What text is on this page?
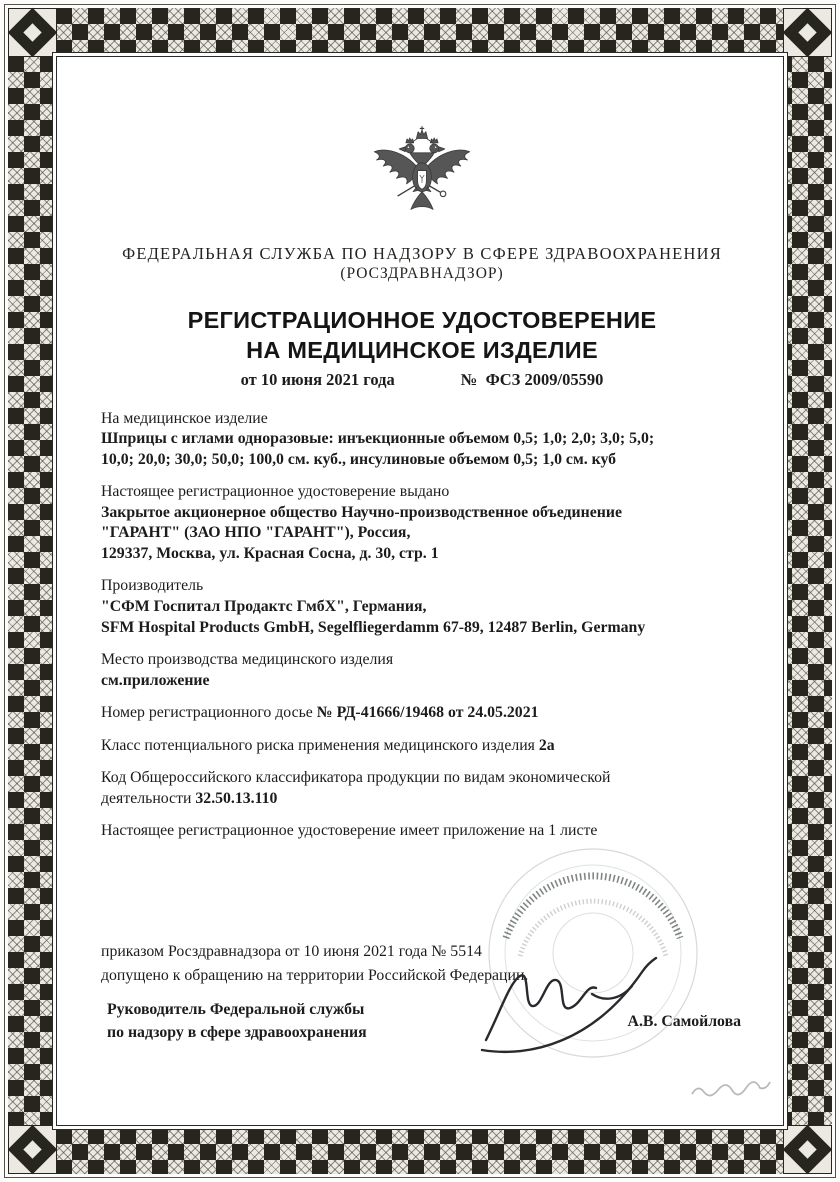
ФЕДЕРАЛЬНАЯ СЛУЖБА ПО НАДЗОРУ В СФЕРЕ ЗДРАВООХРАНЕНИЯ
(РОСЗДРАВНАДЗОР)
РЕГИСТРАЦИОННОЕ УДОСТОВЕРЕНИЕ
НА МЕДИЦИНСКОЕ ИЗДЕЛИЕ
от 10 июня 2021 года	№  ФСЗ 2009/05590
На медицинское изделие
Шприцы с иглами одноразовые: инъекционные объемом 0,5; 1,0; 2,0; 3,0; 5,0;
10,0; 20,0; 30,0; 50,0; 100,0 см. куб., инсулиновые объемом 0,5; 1,0 см. куб
Настоящее регистрационное удостоверение выдано
Закрытое акционерное общество Научно-производственное объединение
"ГАРАНТ" (ЗАО НПО "ГАРАНТ"), Россия,
129337, Москва, ул. Красная Сосна, д. 30, стр. 1
Производитель
"СФМ Госпитал Продактс ГмбХ", Германия,
SFM Hospital Products GmbH, Segelfliegerdamm 67-89, 12487 Berlin, Germany
Место производства медицинского изделия
см.приложение
Номер регистрационного досье № РД-41666/19468 от 24.05.2021
Класс потенциального риска применения медицинского изделия 2а
Код Общероссийского классификатора продукции по видам экономической
деятельности 32.50.13.110
Настоящее регистрационное удостоверение имеет приложение на 1 листе
приказом Росздравнадзора от 10 июня 2021 года № 5514
допущено к обращению на территории Российской Федерации.
Руководитель Федеральной службы
по надзору в сфере здравоохранения
А.В. Самойлова
